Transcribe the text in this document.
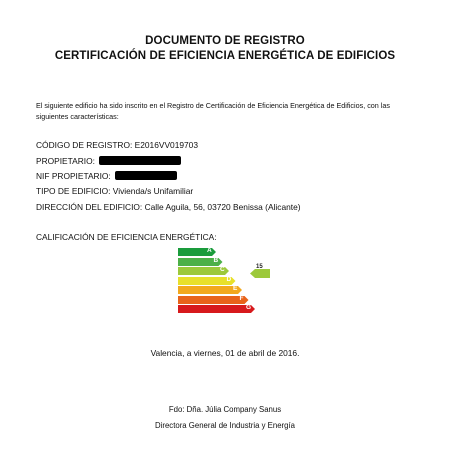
DOCUMENTO DE REGISTRO
CERTIFICACIÓN DE EFICIENCIA ENERGÉTICA DE EDIFICIOS
El siguiente edificio ha sido inscrito en el Registro de Certificación de Eficiencia Energética de Edificios, con las siguientes características:
CÓDIGO DE REGISTRO: E2016VV019703
PROPIETARIO:
NIF PROPIETARIO:
TIPO DE EDIFICIO: Vivienda/s Unifamiliar
DIRECCIÓN DEL EDIFICIO: Calle Aguila, 56, 03720 Benissa (Alicante)
CALIFICACIÓN DE EFICIENCIA ENERGÉTICA:
A
B
C
D
E
F
G
15
Valencia, a viernes, 01 de abril de 2016.
Fdo: Dña. Júlia Company Sanus
Directora General de Industria y Energía
